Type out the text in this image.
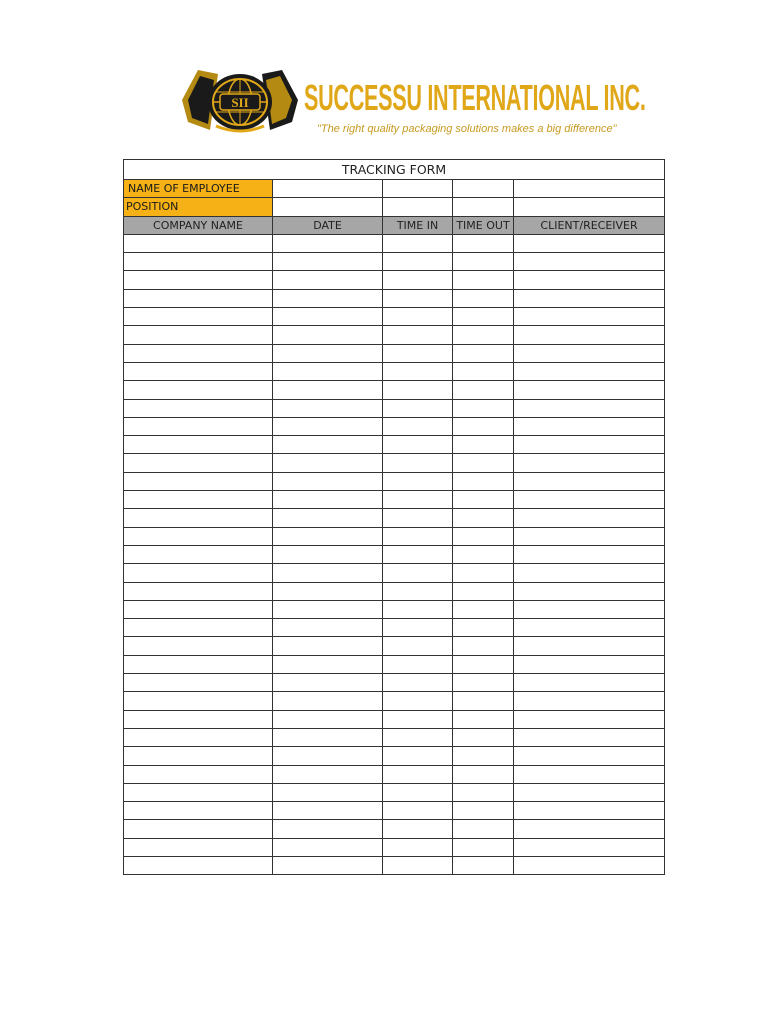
SII SUCCESSU INTERNATIONAL INC.
"The right quality packaging solutions makes a big difference"
TRACKING FORM				
NAME OF EMPLOYEE				
POSITION				
COMPANY NAME	DATE	TIME IN	TIME OUT	CLIENT/RECEIVER
